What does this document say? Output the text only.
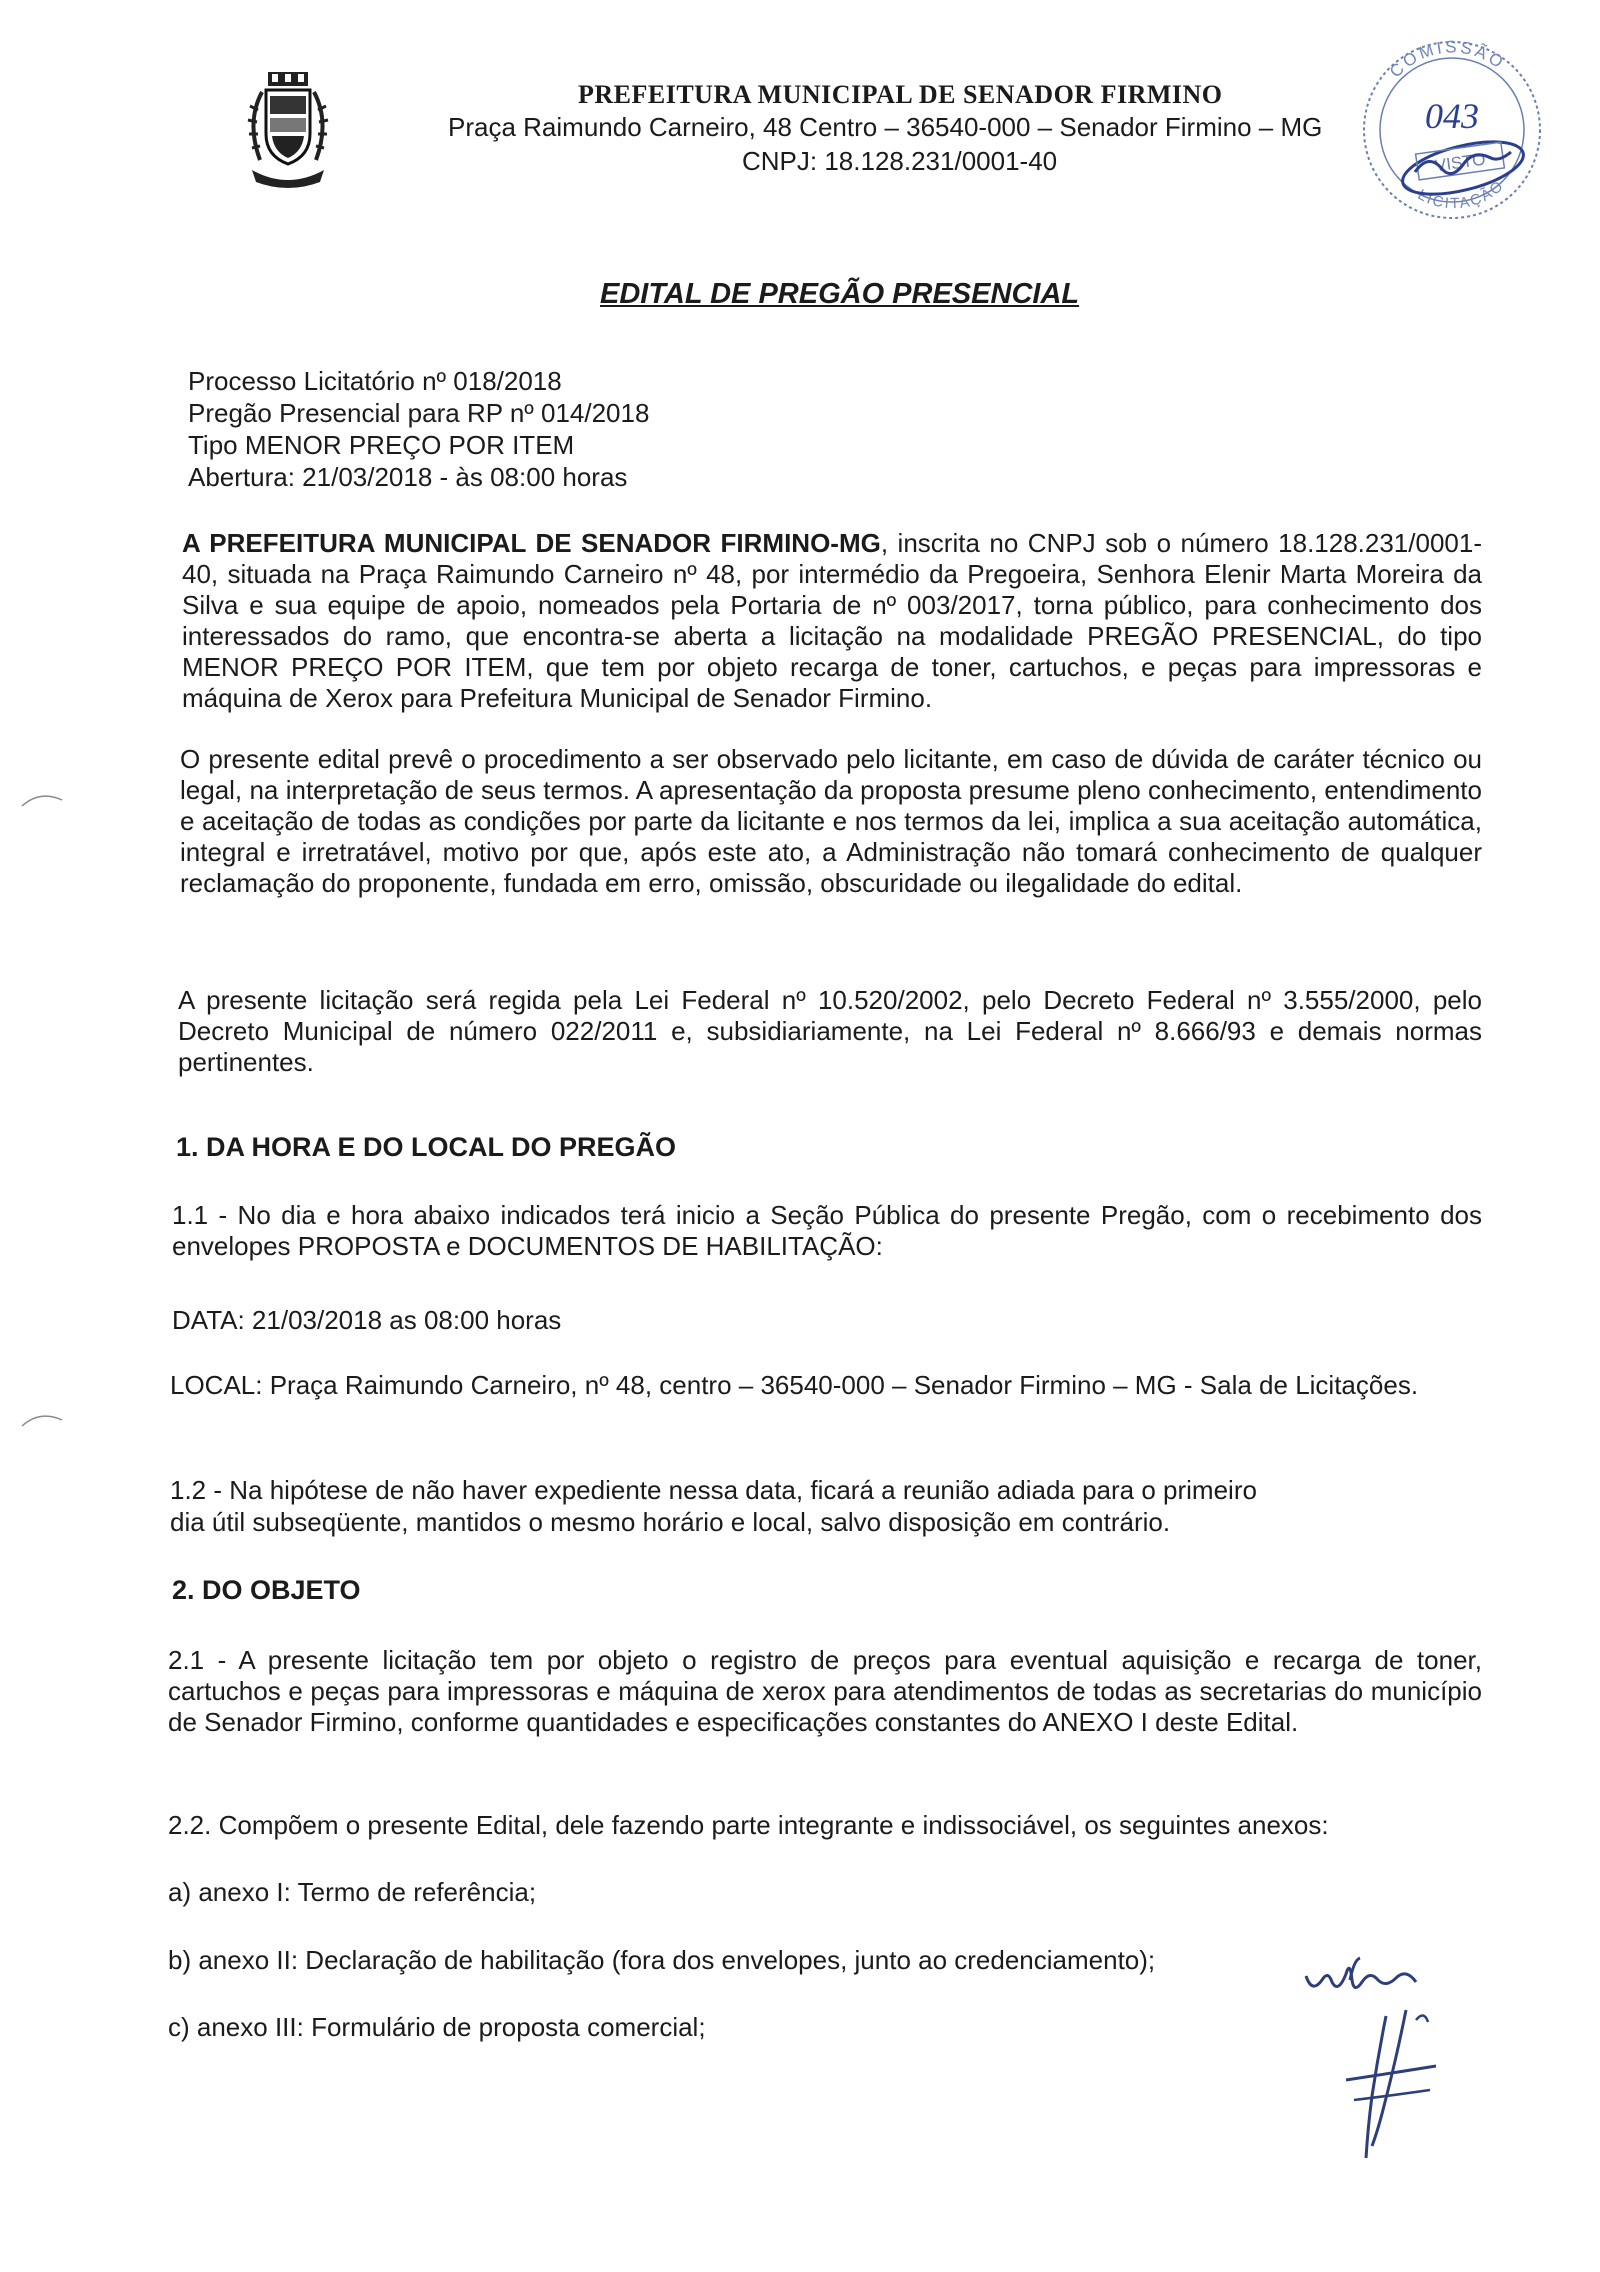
PREFEITURA MUNICIPAL DE SENADOR FIRMINO
Praça Raimundo Carneiro, 48 Centro – 36540-000 – Senador Firmino – MG
CNPJ: 18.128.231/0001-40
COMISSÃO
LICITAÇÃO
043
VISTO
EDITAL DE PREGÃO PRESENCIAL
Processo Licitatório nº 018/2018
Pregão Presencial para RP nº 014/2018
Tipo MENOR PREÇO POR ITEM
Abertura: 21/03/2018 - às 08:00 horas

A PREFEITURA MUNICIPAL DE SENADOR FIRMINO-MG, inscrita no CNPJ sob o número 18.128.231/0001-40, situada na Praça Raimundo Carneiro nº 48, por intermédio da Pregoeira, Senhora Elenir Marta Moreira da Silva e sua equipe de apoio, nomeados pela Portaria de nº 003/2017, torna público, para conhecimento dos interessados do ramo, que encontra-se aberta a licitação na modalidade PREGÃO PRESENCIAL, do tipo MENOR PREÇO POR ITEM, que tem por objeto recarga de toner, cartuchos, e peças para impressoras e máquina de Xerox para Prefeitura Municipal de Senador Firmino.

O presente edital prevê o procedimento a ser observado pelo licitante, em caso de dúvida de caráter técnico ou legal, na interpretação de seus termos. A apresentação da proposta presume pleno conhecimento, entendimento e aceitação de todas as condições por parte da licitante e nos termos da lei, implica a sua aceitação automática, integral e irretratável, motivo por que, após este ato, a Administração não tomará conhecimento de qualquer reclamação do proponente, fundada em erro, omissão, obscuridade ou ilegalidade do edital.
A presente licitação será regida pela Lei Federal nº 10.520/2002, pelo Decreto Federal nº 3.555/2000, pelo Decreto Municipal de número 022/2011 e, subsidiariamente, na Lei Federal nº 8.666/93 e demais normas pertinentes.
1. DA HORA E DO LOCAL DO PREGÃO
1.1 - No dia e hora abaixo indicados terá inicio a Seção Pública do presente Pregão, com o recebimento dos envelopes PROPOSTA e DOCUMENTOS DE HABILITAÇÃO:
DATA: 21/03/2018 as 08:00 horas
LOCAL: Praça Raimundo Carneiro, nº 48, centro – 36540-000 – Senador Firmino – MG - Sala de Licitações.
1.2 - Na hipótese de não haver expediente nessa data, ficará a reunião adiada para o primeiro
dia útil subseqüente, mantidos o mesmo horário e local, salvo disposição em contrário.
2. DO OBJETO
2.1 - A presente licitação tem por objeto o registro de preços para eventual aquisição e recarga de toner, cartuchos e peças para impressoras e máquina de xerox para atendimentos de todas as secretarias do município de Senador Firmino, conforme quantidades e especificações constantes do ANEXO I deste Edital.
2.2. Compõem o presente Edital, dele fazendo parte integrante e indissociável, os seguintes anexos:
a) anexo I: Termo de referência;
b) anexo II: Declaração de habilitação (fora dos envelopes, junto ao credenciamento);
c) anexo III: Formulário de proposta comercial;
